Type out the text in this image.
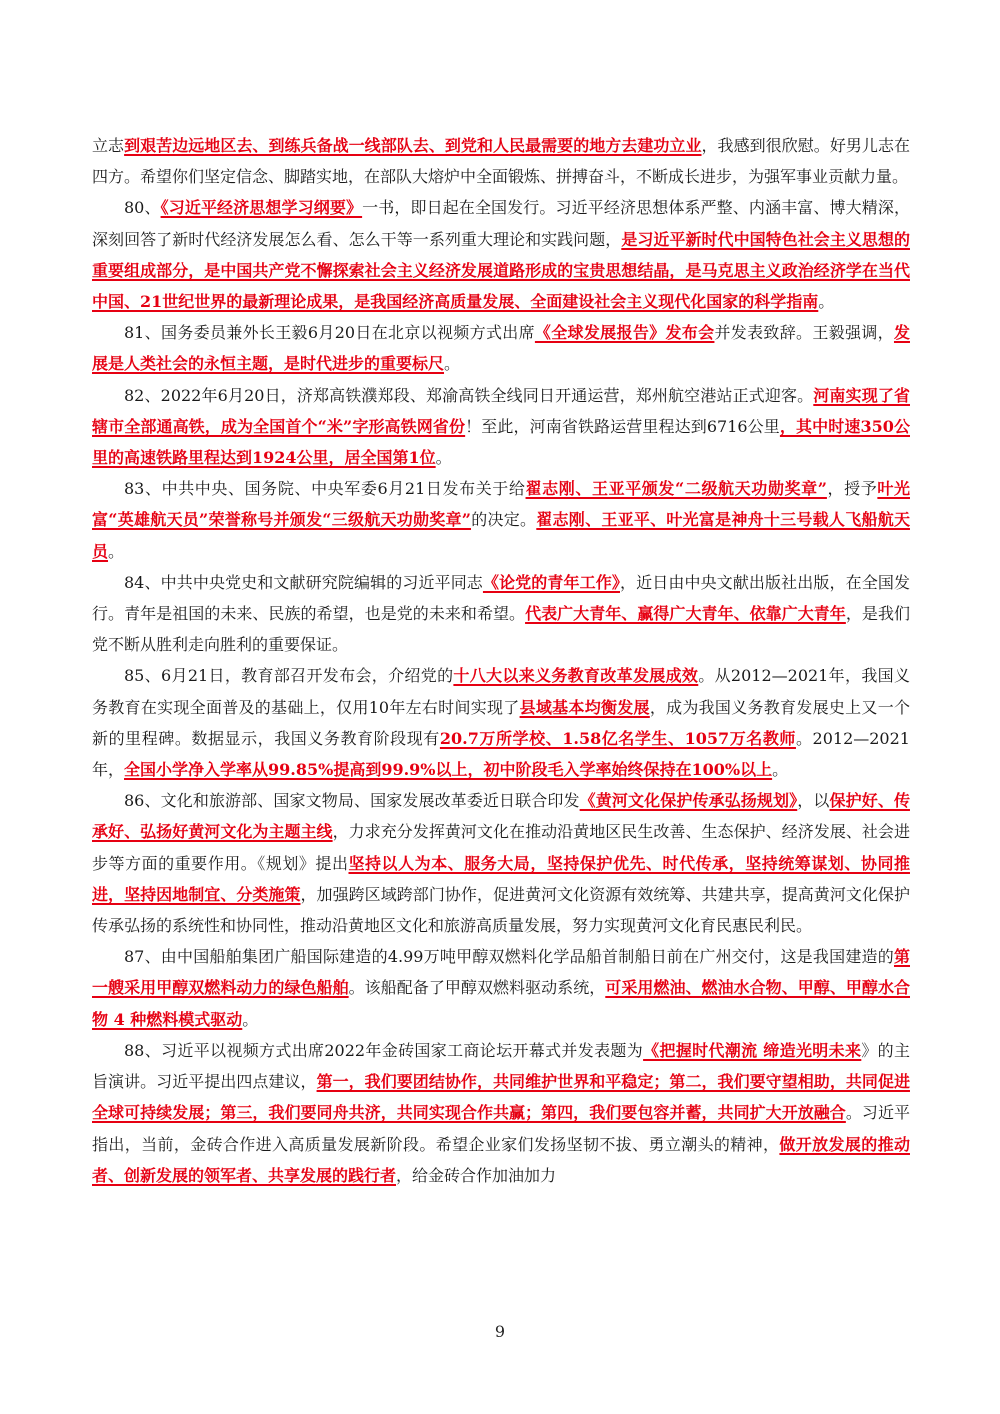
立志到艰苦边远地区去、到练兵备战一线部队去、到党和人民最需要的地方去建功立业，我感到很欣慰。好男儿志在四方。希望你们坚定信念、脚踏实地，在部队大熔炉中全面锻炼、拼搏奋斗，不断成长进步，为强军事业贡献力量。

80、《习近平经济思想学习纲要》一书，即日起在全国发行。习近平经济思想体系严整、内涵丰富、博大精深，深刻回答了新时代经济发展怎么看、怎么干等一系列重大理论和实践问题，是习近平新时代中国特色社会主义思想的重要组成部分，是中国共产党不懈探索社会主义经济发展道路形成的宝贵思想结晶，是马克思主义政治经济学在当代中国、21世纪世界的最新理论成果，是我国经济高质量发展、全面建设社会主义现代化国家的科学指南。

81、国务委员兼外长王毅6月20日在北京以视频方式出席《全球发展报告》发布会并发表致辞。王毅强调，发展是人类社会的永恒主题，是时代进步的重要标尺。

82、2022年6月20日，济郑高铁濮郑段、郑渝高铁全线同日开通运营，郑州航空港站正式迎客。河南实现了省辖市全部通高铁，成为全国首个“米”字形高铁网省份！至此，河南省铁路运营里程达到6716公里，其中时速350公里的高速铁路里程达到1924公里，居全国第1位。

83、中共中央、国务院、中央军委6月21日发布关于给翟志刚、王亚平颁发“二级航天功勋奖章”，授予叶光富“英雄航天员”荣誉称号并颁发“三级航天功勋奖章”的决定。翟志刚、王亚平、叶光富是神舟十三号载人飞船航天员。

84、中共中央党史和文献研究院编辑的习近平同志《论党的青年工作》，近日由中央文献出版社出版，在全国发行。青年是祖国的未来、民族的希望，也是党的未来和希望。代表广大青年、赢得广大青年、依靠广大青年，是我们党不断从胜利走向胜利的重要保证。

85、6月21日，教育部召开发布会，介绍党的十八大以来义务教育改革发展成效。从2012—2021年，我国义务教育在实现全面普及的基础上，仅用10年左右时间实现了县域基本均衡发展，成为我国义务教育发展史上又一个新的里程碑。数据显示，我国义务教育阶段现有20.7万所学校、1.58亿名学生、1057万名教师。2012—2021年，全国小学净入学率从99.85%提高到99.9%以上，初中阶段毛入学率始终保持在100%以上。

86、文化和旅游部、国家文物局、国家发展改革委近日联合印发《黄河文化保护传承弘扬规划》，以保护好、传承好、弘扬好黄河文化为主题主线，力求充分发挥黄河文化在推动沿黄地区民生改善、生态保护、经济发展、社会进步等方面的重要作用。《规划》提出坚持以人为本、服务大局，坚持保护优先、时代传承，坚持统筹谋划、协同推进，坚持因地制宜、分类施策，加强跨区域跨部门协作，促进黄河文化资源有效统筹、共建共享，提高黄河文化保护传承弘扬的系统性和协同性，推动沿黄地区文化和旅游高质量发展，努力实现黄河文化育民惠民利民。

87、由中国船舶集团广船国际建造的4.99万吨甲醇双燃料化学品船首制船日前在广州交付，这是我国建造的第一艘采用甲醇双燃料动力的绿色船舶。该船配备了甲醇双燃料驱动系统，可采用燃油、燃油水合物、甲醇、甲醇水合物 4 种燃料模式驱动。

88、习近平以视频方式出席2022年金砖国家工商论坛开幕式并发表题为《把握时代潮流 缔造光明未来》的主旨演讲。习近平提出四点建议，第一，我们要团结协作，共同维护世界和平稳定；第二，我们要守望相助，共同促进全球可持续发展；第三，我们要同舟共济，共同实现合作共赢；第四，我们要包容并蓄，共同扩大开放融合。习近平指出，当前，金砖合作进入高质量发展新阶段。希望企业家们发扬坚韧不拔、勇立潮头的精神，做开放发展的推动者、创新发展的领军者、共享发展的践行者，给金砖合作加油加力

9
